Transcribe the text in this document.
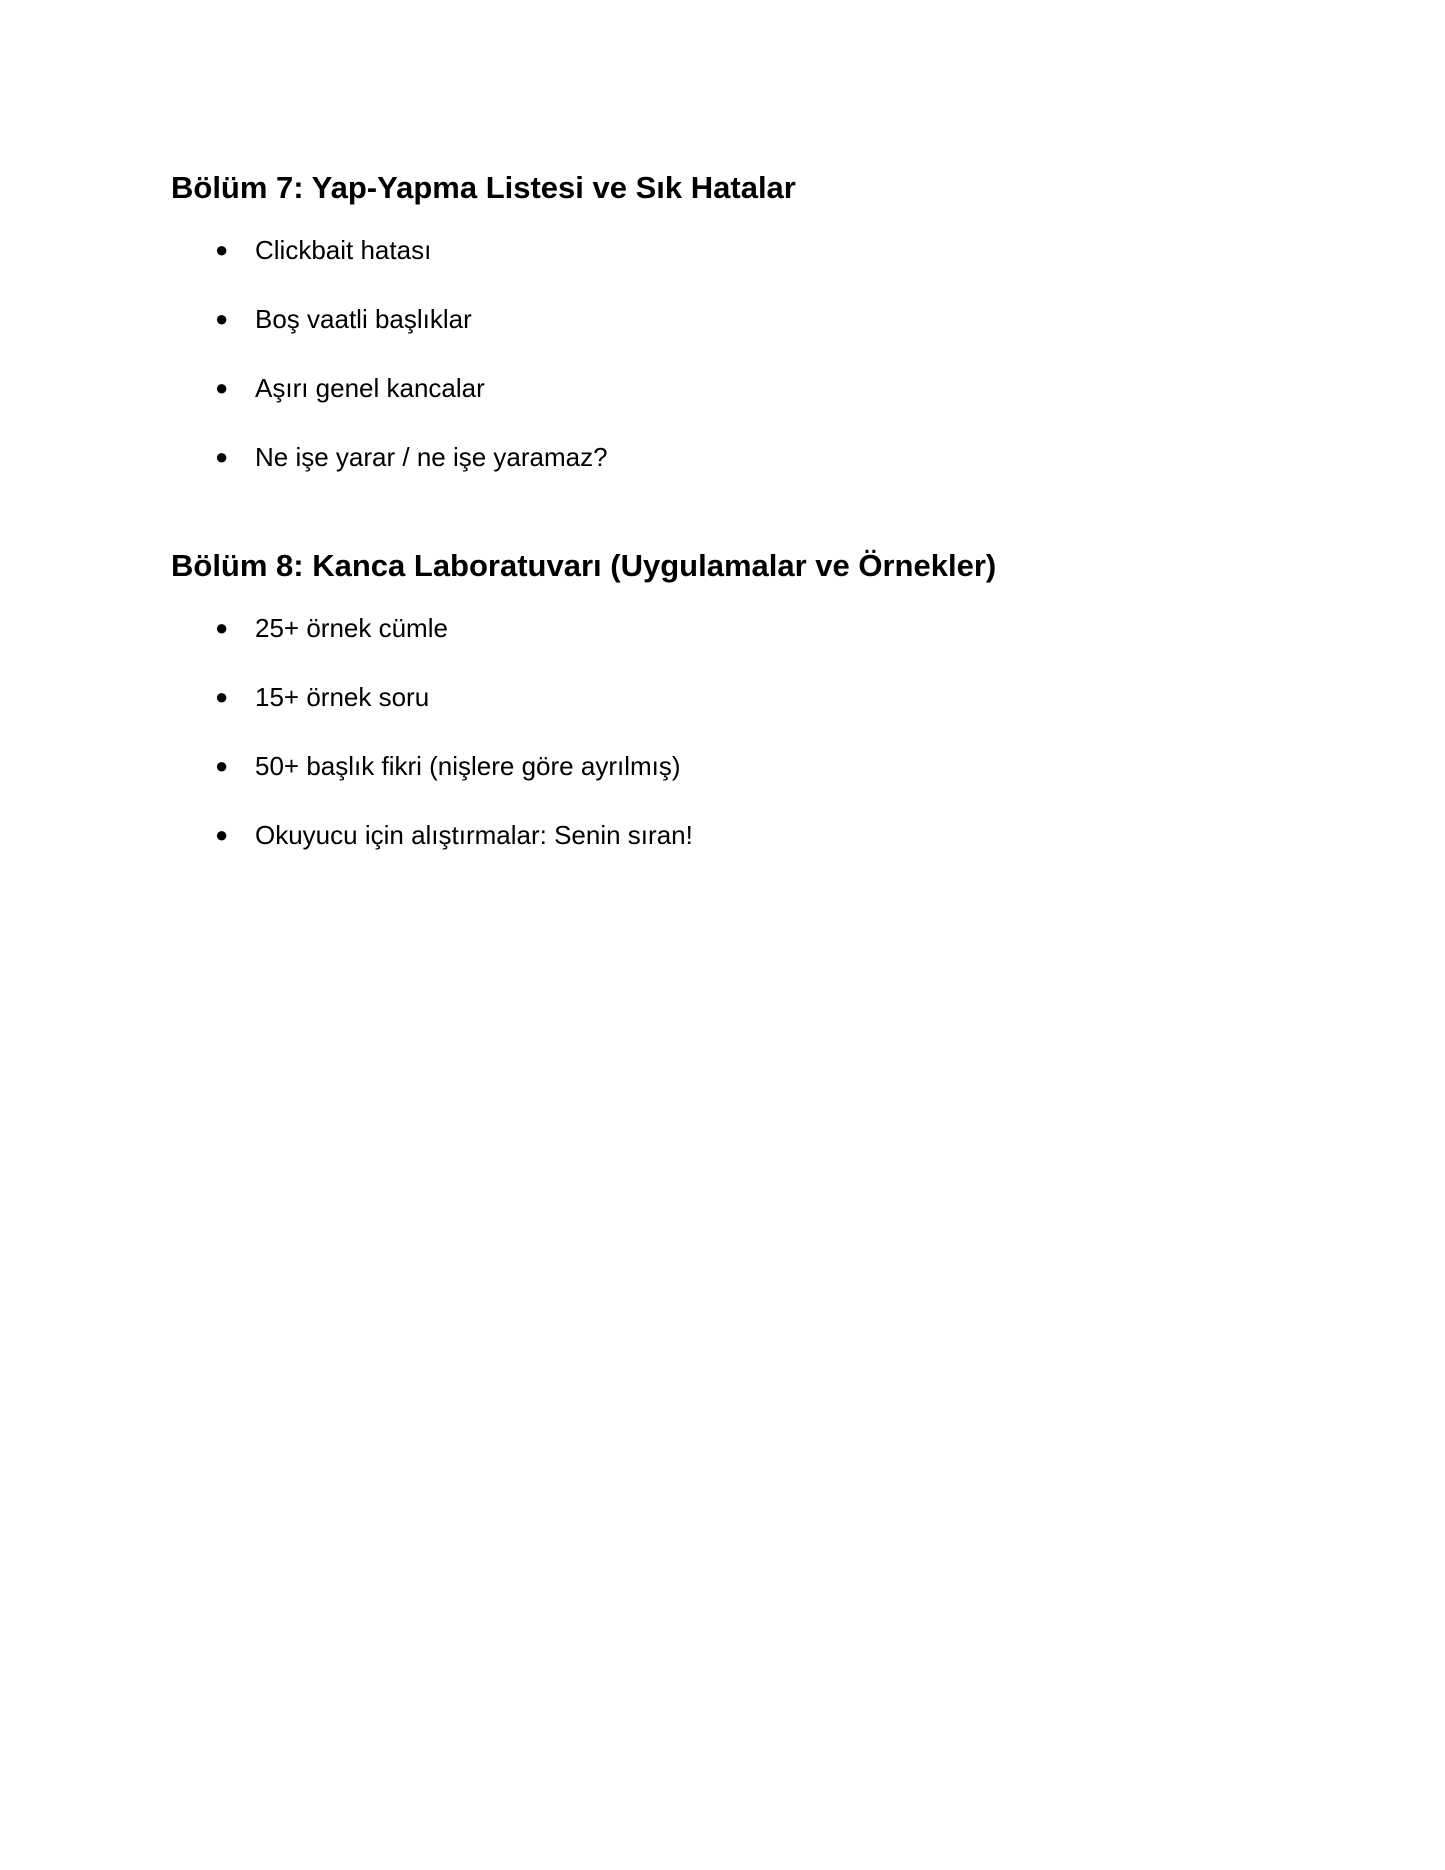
Bölüm 7: Yap-Yapma Listesi ve Sık Hatalar
● Clickbait hatası
● Boş vaatli başlıklar
● Aşırı genel kancalar
● Ne işe yarar / ne işe yaramaz?
Bölüm 8: Kanca Laboratuvarı (Uygulamalar ve Örnekler)
● 25+ örnek cümle
● 15+ örnek soru
● 50+ başlık fikri (nişlere göre ayrılmış)
● Okuyucu için alıştırmalar: Senin sıran!
